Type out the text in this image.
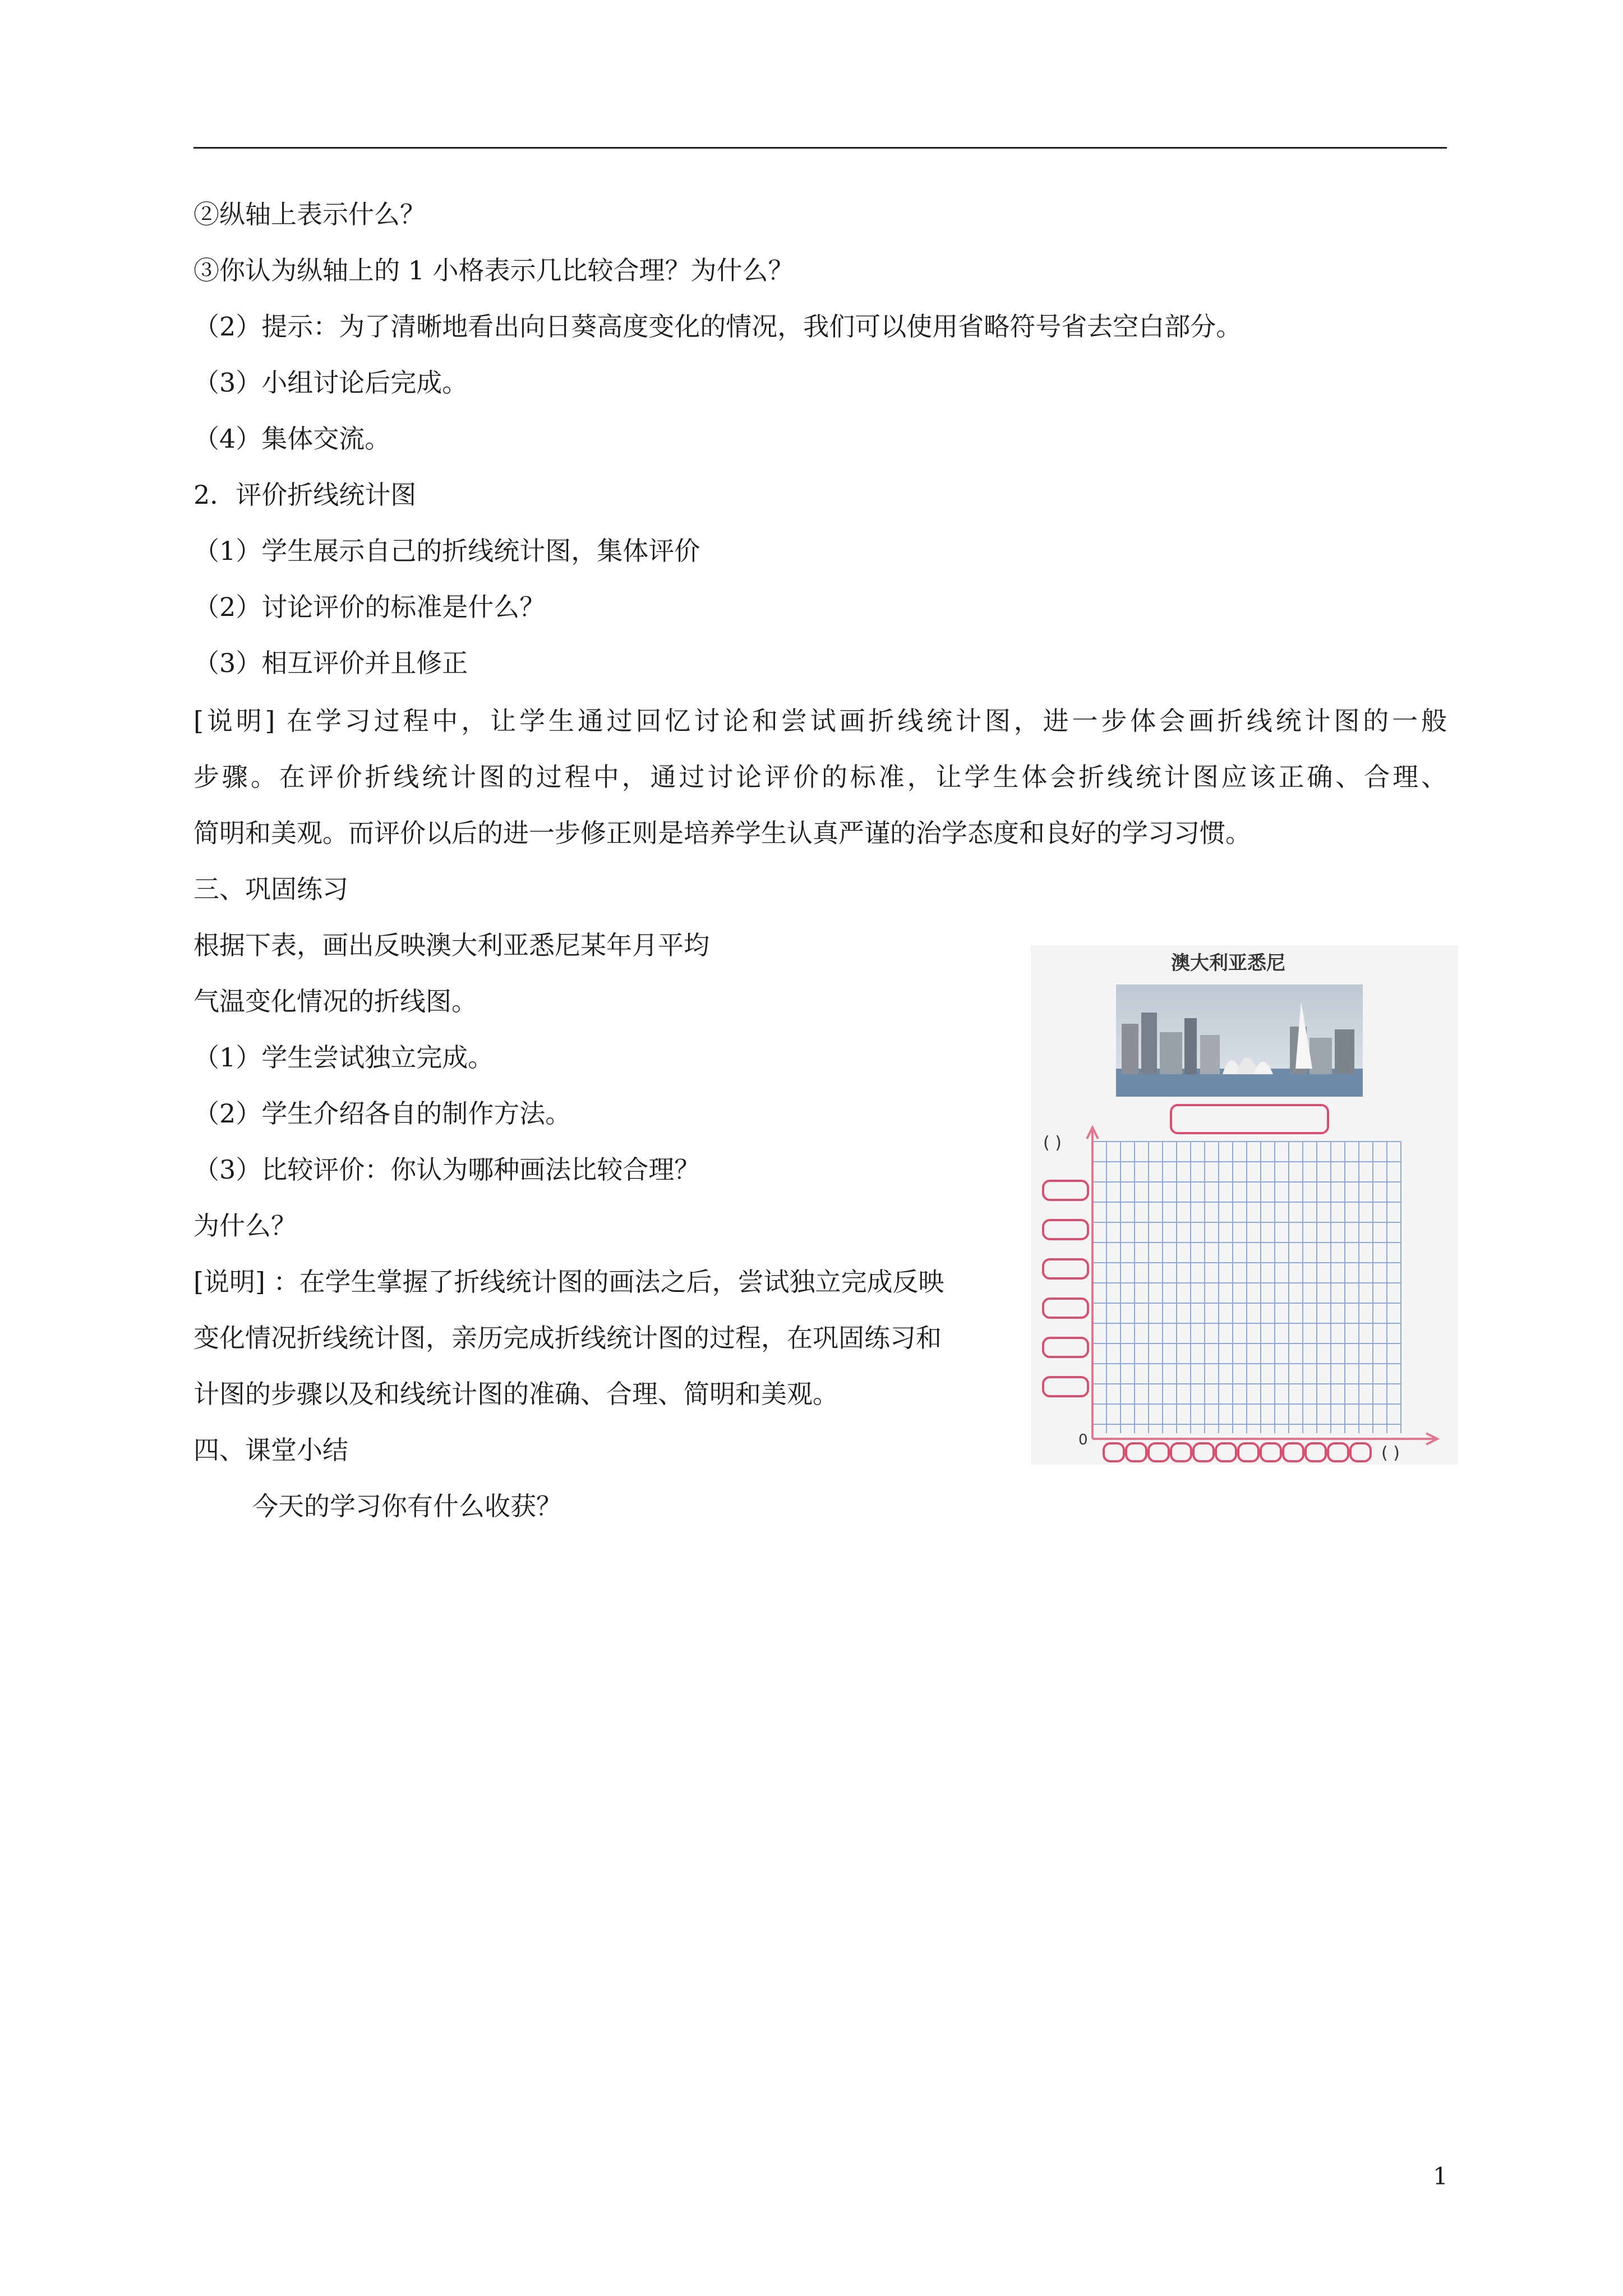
②纵轴上表示什么？
③你认为纵轴上的 1 小格表示几比较合理？为什么？
（2）提示：为了清晰地看出向日葵高度变化的情况，我们可以使用省略符号省去空白部分。
（3）小组讨论后完成。
（4）集体交流。
2．评价折线统计图
（1）学生展示自己的折线统计图，集体评价
（2）讨论评价的标准是什么？
（3）相互评价并且修正
[说明] 在学习过程中，让学生通过回忆讨论和尝试画折线统计图，进一步体会画折线统计图的一般
步骤。在评价折线统计图的过程中，通过讨论评价的标准，让学生体会折线统计图应该正确、合理、
简明和美观。而评价以后的进一步修正则是培养学生认真严谨的治学态度和良好的学习习惯。
三、巩固练习
根据下表，画出反映澳大利亚悉尼某年月平均
气温变化情况的折线图。
（1）学生尝试独立完成。
（2）学生介绍各自的制作方法。
（3）比较评价：你认为哪种画法比较合理？
为什么？
[说明] ：在学生掌握了折线统计图的画法之后，尝试独立完成反映
变化情况折线统计图，亲历完成折线统计图的过程，在巩固练习和
计图的步骤以及和线统计图的准确、合理、简明和美观。
四、课堂小结
今天的学习你有什么收获？
澳大利亚悉尼
( )
( )
0
1
